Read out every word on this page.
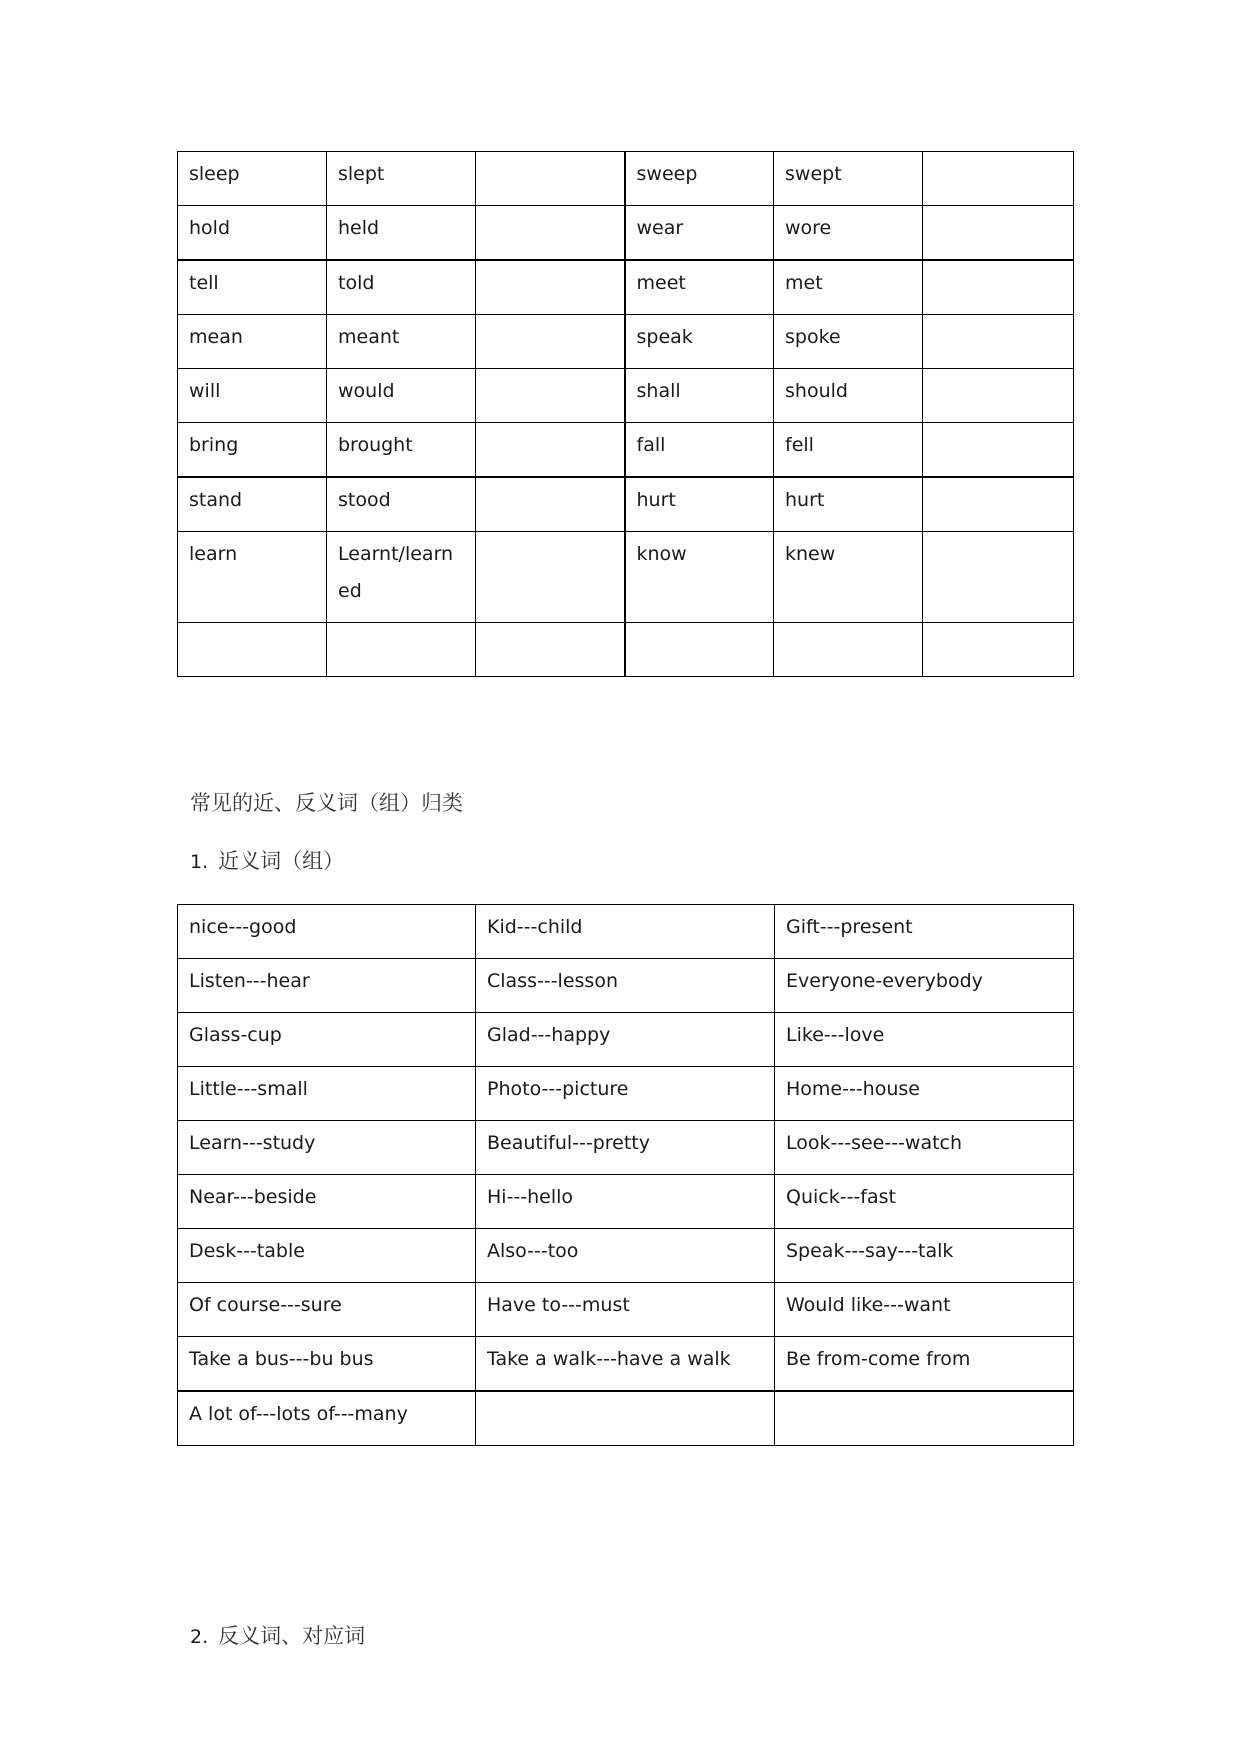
sleep	slept		sweep	swept	
hold	held		wear	wore	
tell	told		meet	met	
mean	meant		speak	spoke	
will	would		shall	should	
bring	brought		fall	fell	
stand	stood		hurt	hurt	
learn	Learnt/learned		know	knew	

常见的近、反义词（组）归类
1. 近义词（组）
nice---good	Kid---child	Gift---present
Listen---hear	Class---lesson	Everyone-everybody
Glass-cup	Glad---happy	Like---love
Little---small	Photo---picture	Home---house
Learn---study	Beautiful---pretty	Look---see---watch
Near---beside	Hi---hello	Quick---fast
Desk---table	Also---too	Speak---say---talk
Of course---sure	Have to---must	Would like---want
Take a bus---bu bus	Take a walk---have a walk	Be from-come from
A lot of---lots of---many		
2. 反义词、对应词
